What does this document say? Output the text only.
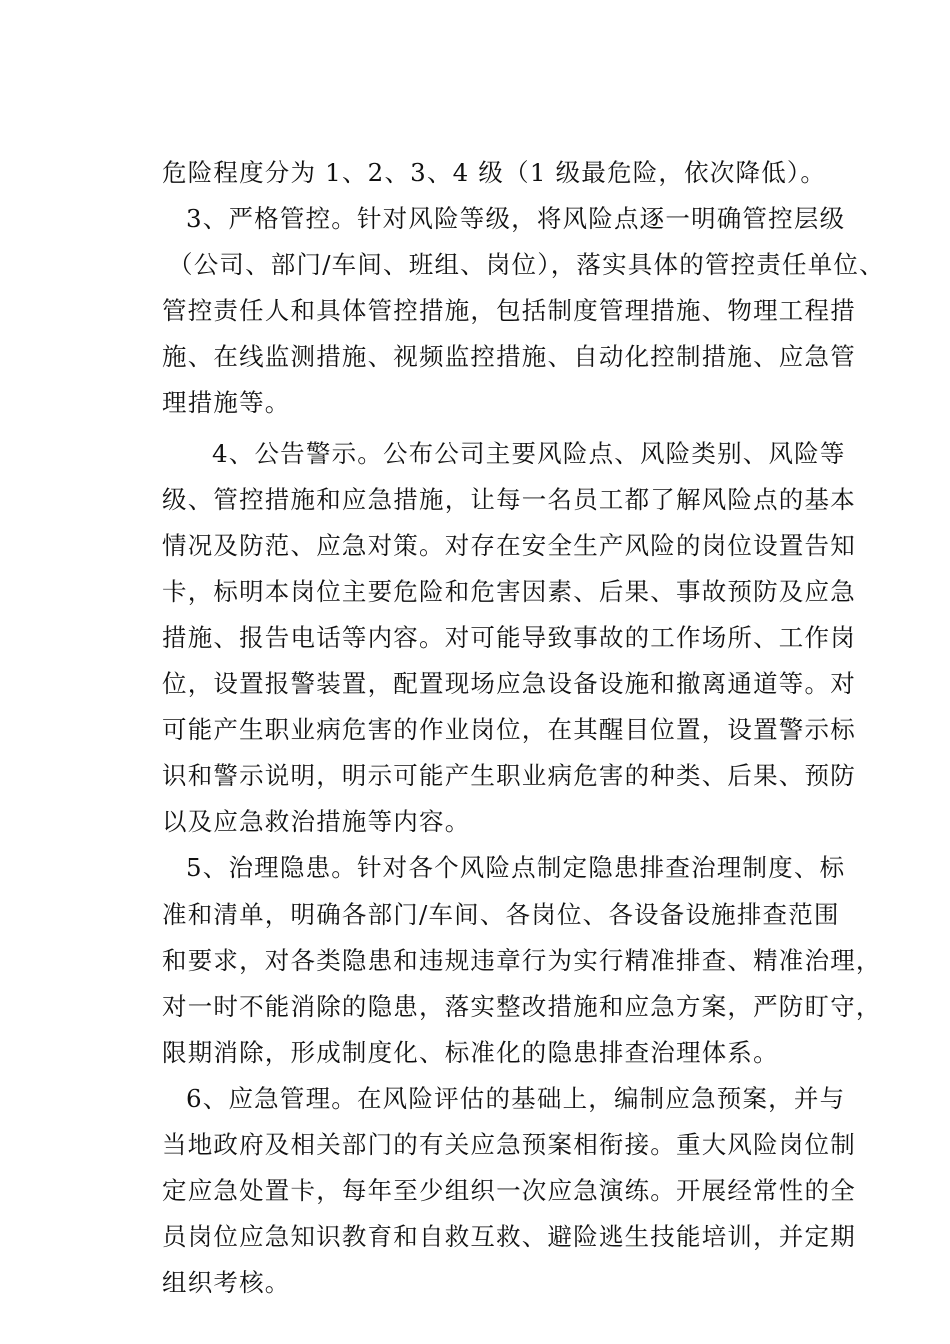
危险程度分为 1、2、3、4 级（1 级最危险，依次降低）。
3、严格管控。针对风险等级，将风险点逐一明确管控层级
（公司、部门/车间、班组、岗位），落实具体的管控责任单位、
管控责任人和具体管控措施，包括制度管理措施、物理工程措
施、在线监测措施、视频监控措施、自动化控制措施、应急管
理措施等。
4、公告警示。公布公司主要风险点、风险类别、风险等
级、管控措施和应急措施，让每一名员工都了解风险点的基本
情况及防范、应急对策。对存在安全生产风险的岗位设置告知
卡，标明本岗位主要危险和危害因素、后果、事故预防及应急
措施、报告电话等内容。对可能导致事故的工作场所、工作岗
位，设置报警装置，配置现场应急设备设施和撤离通道等。对
可能产生职业病危害的作业岗位，在其醒目位置，设置警示标
识和警示说明，明示可能产生职业病危害的种类、后果、预防
以及应急救治措施等内容。
5、治理隐患。针对各个风险点制定隐患排查治理制度、标
准和清单，明确各部门/车间、各岗位、各设备设施排查范围
和要求，对各类隐患和违规违章行为实行精准排查、精准治理，
对一时不能消除的隐患，落实整改措施和应急方案，严防盯守，
限期消除，形成制度化、标准化的隐患排查治理体系。
6、应急管理。在风险评估的基础上，编制应急预案，并与
当地政府及相关部门的有关应急预案相衔接。重大风险岗位制
定应急处置卡，每年至少组织一次应急演练。开展经常性的全
员岗位应急知识教育和自救互救、避险逃生技能培训，并定期
组织考核。
